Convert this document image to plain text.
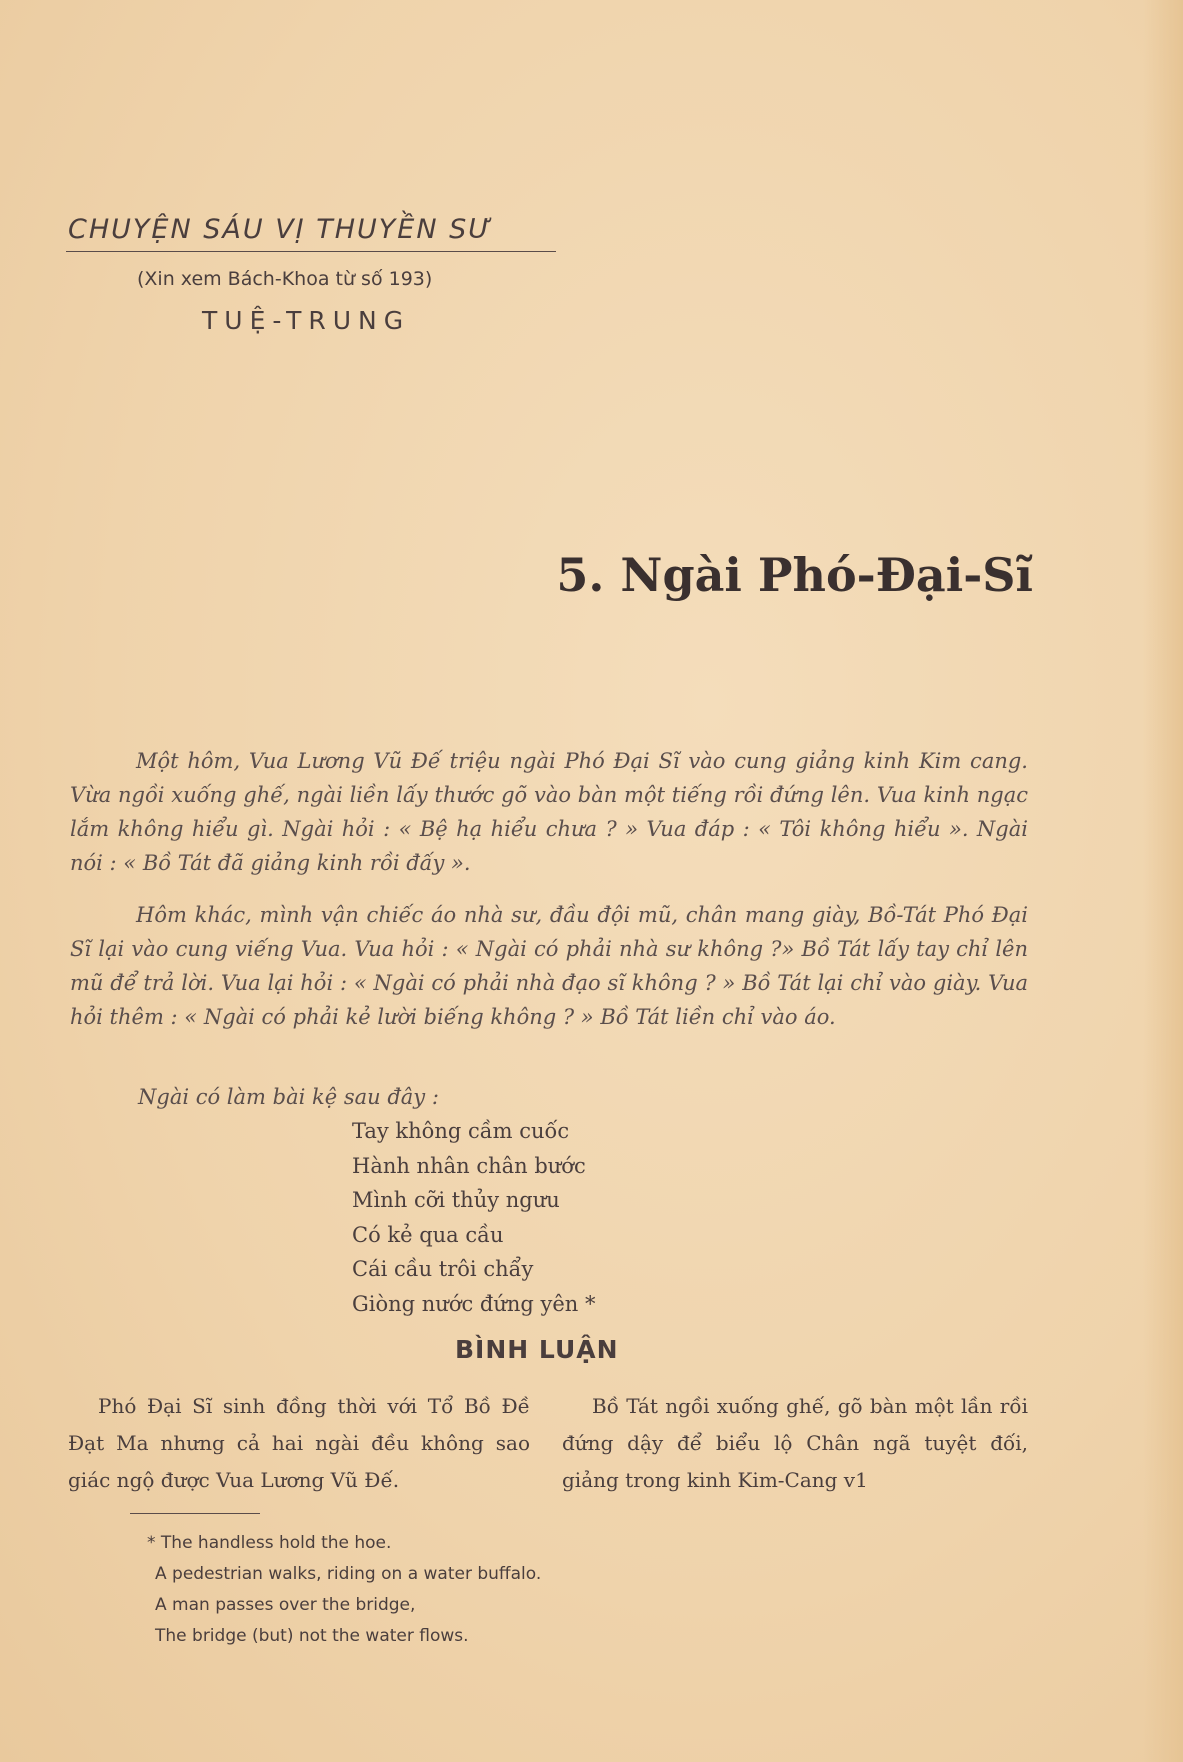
CHUYỆN SÁU VỊ THUYỀN SƯ
(Xin xem Bách-Khoa từ số 193)
TUỆ-TRUNG
5. Ngài Phó-Đại-Sĩ

Một hôm, Vua Lương Vũ Đế triệu ngài Phó Đại Sĩ vào cung giảng kinh Kim cang. Vừa ngồi xuống ghế, ngài liền lấy thước gõ vào bàn một tiếng rồi đứng lên. Vua kinh ngạc lắm không hiểu gì. Ngài hỏi : « Bệ hạ hiểu chưa ? » Vua đáp : « Tôi không hiểu ». Ngài nói : « Bồ Tát đã giảng kinh rồi đấy ».

Hôm khác, mình vận chiếc áo nhà sư, đầu đội mũ, chân mang giày, Bồ-Tát Phó Đại Sĩ lại vào cung viếng Vua. Vua hỏi : « Ngài có phải nhà sư không ?» Bồ Tát lấy tay chỉ lên mũ để trả lời. Vua lại hỏi : « Ngài có phải nhà đạo sĩ không ? » Bồ Tát lại chỉ vào giày. Vua hỏi thêm : « Ngài có phải kẻ lười biếng không ? » Bồ Tát liền chỉ vào áo.

Ngài có làm bài kệ sau đây :

Tay không cầm cuốc
Hành nhân chân bước
Mình cỡi thủy ngưu
Có kẻ qua cầu
Cái cầu trôi chẩy
Giòng nước đứng yên *
BÌNH LUẬN

Phó Đại Sĩ sinh đồng thời với Tổ Bồ Đề Đạt Ma nhưng cả hai ngài đều không sao giác ngộ được Vua Lương Vũ Đế.

Bồ Tát ngồi xuống ghế, gõ bàn một lần rồi đứng dậy để biểu lộ Chân ngã tuyệt đối, giảng trong kinh Kim-Cang v1

* The handless hold the hoe.
A pedestrian walks, riding on a water buffalo.
A man passes over the bridge,
The bridge (but) not the water flows.
